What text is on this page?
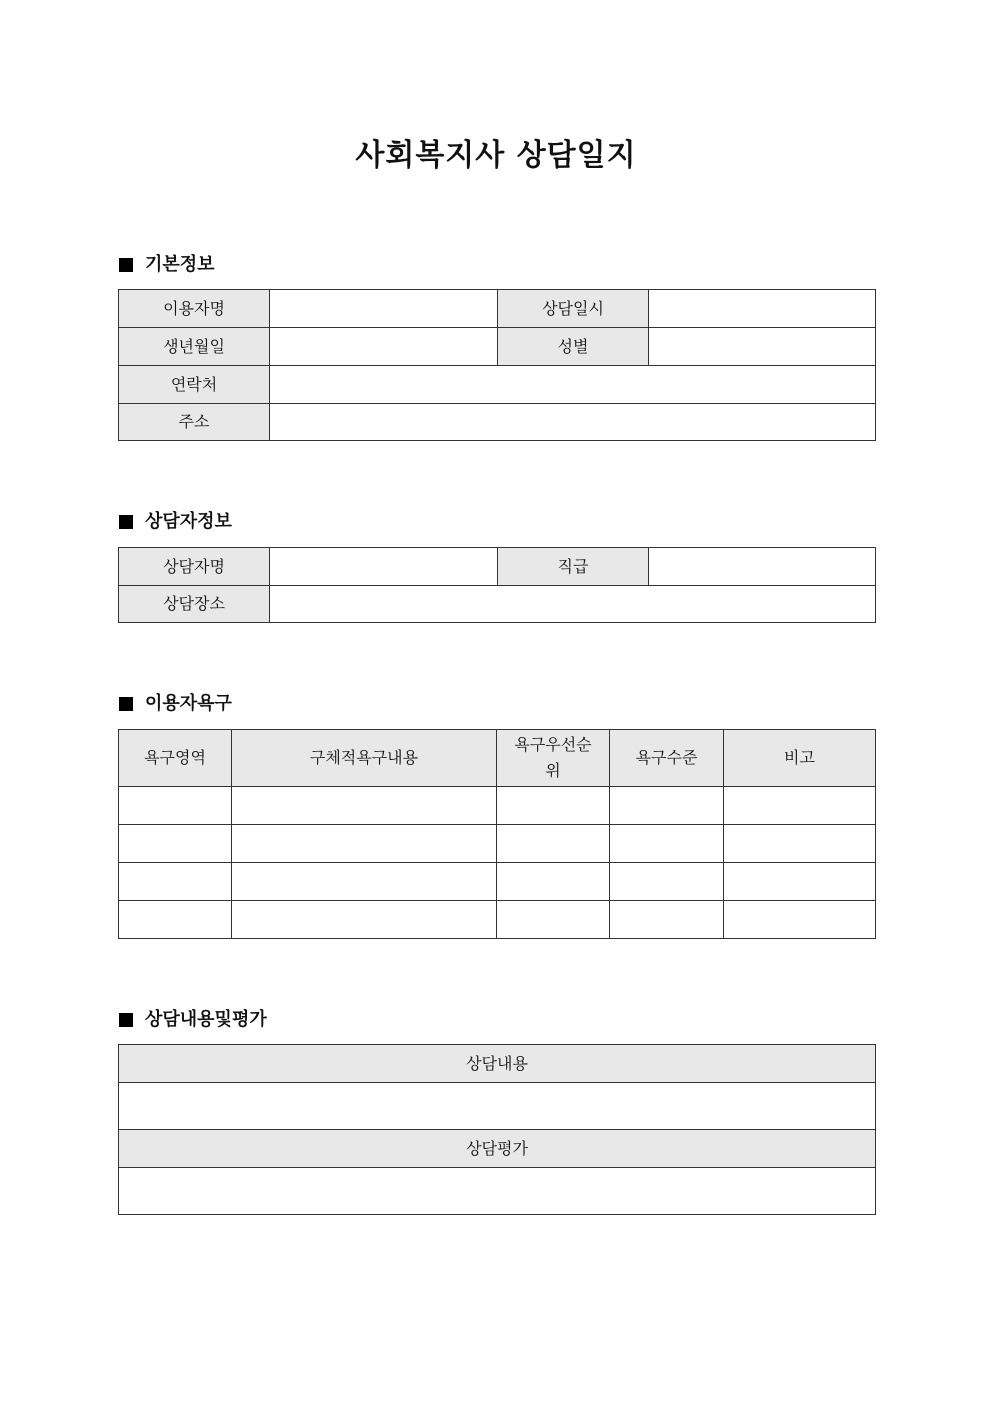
사회복지사 상담일지
기본정보
이용자명		상담일시	
생년월일		성별	
연락처			
주소			
상담자정보
상담자명		직급	
상담장소			
이용자욕구
욕구영역	구체적욕구내용	욕구우선순위	욕구수준	비고

상담내용및평가
상담내용

상담평가
